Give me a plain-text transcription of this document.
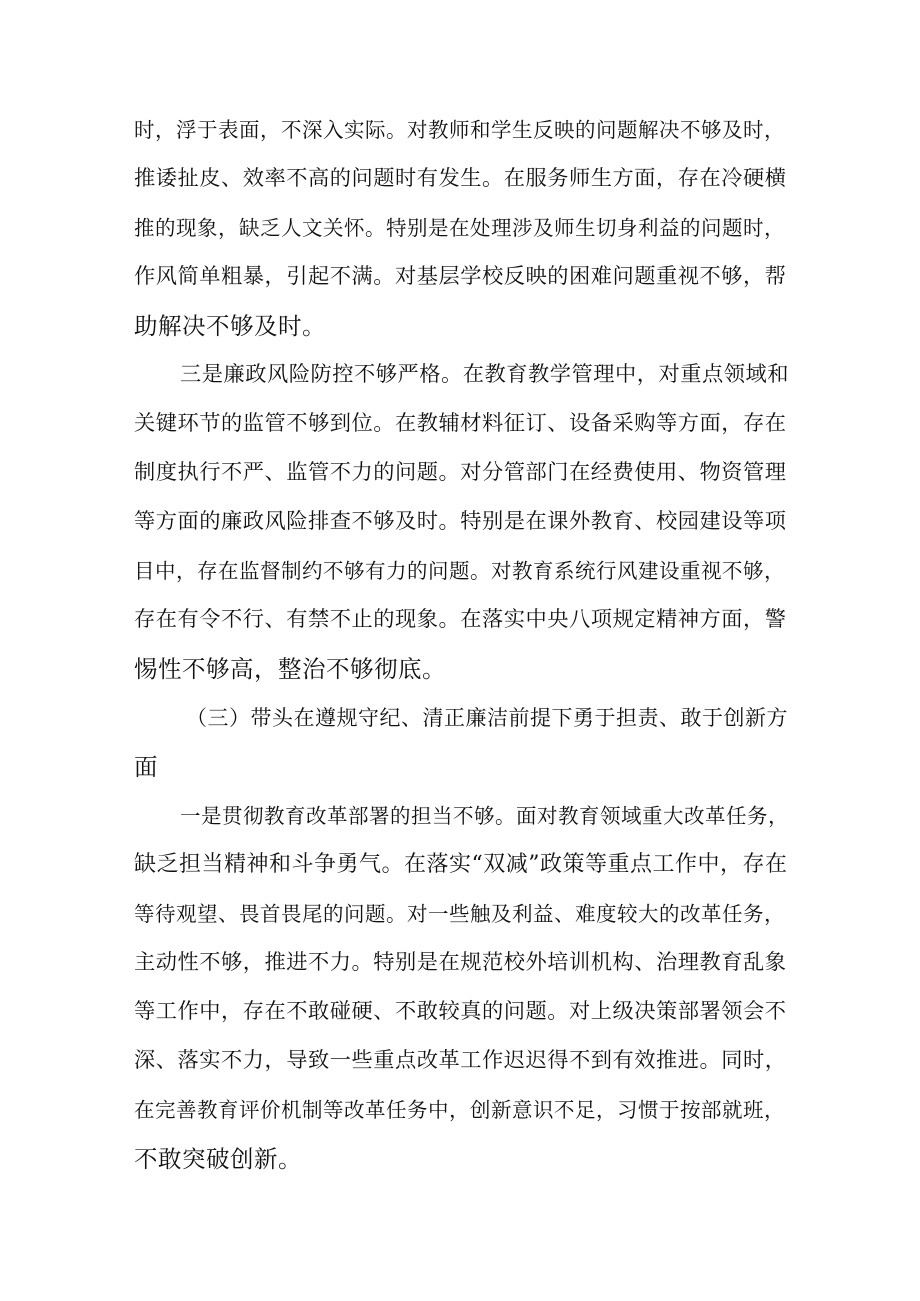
时，浮于表面，不深入实际。对教师和学生反映的问题解决不够及时，
推诿扯皮、效率不高的问题时有发生。在服务师生方面，存在冷硬横
推的现象，缺乏人文关怀。特别是在处理涉及师生切身利益的问题时，
作风简单粗暴，引起不满。对基层学校反映的困难问题重视不够，帮
助解决不够及时。
三是廉政风险防控不够严格。在教育教学管理中，对重点领域和
关键环节的监管不够到位。在教辅材料征订、设备采购等方面，存在
制度执行不严、监管不力的问题。对分管部门在经费使用、物资管理
等方面的廉政风险排查不够及时。特别是在课外教育、校园建设等项
目中，存在监督制约不够有力的问题。对教育系统行风建设重视不够，
存在有令不行、有禁不止的现象。在落实中央八项规定精神方面，警
惕性不够高，整治不够彻底。
（三）带头在遵规守纪、清正廉洁前提下勇于担责、敢于创新方
面
一是贯彻教育改革部署的担当不够。面对教育领域重大改革任务，
缺乏担当精神和斗争勇气。在落实“双减”政策等重点工作中，存在
等待观望、畏首畏尾的问题。对一些触及利益、难度较大的改革任务，
主动性不够，推进不力。特别是在规范校外培训机构、治理教育乱象
等工作中，存在不敢碰硬、不敢较真的问题。对上级决策部署领会不
深、落实不力，导致一些重点改革工作迟迟得不到有效推进。同时，
在完善教育评价机制等改革任务中，创新意识不足，习惯于按部就班，
不敢突破创新。
